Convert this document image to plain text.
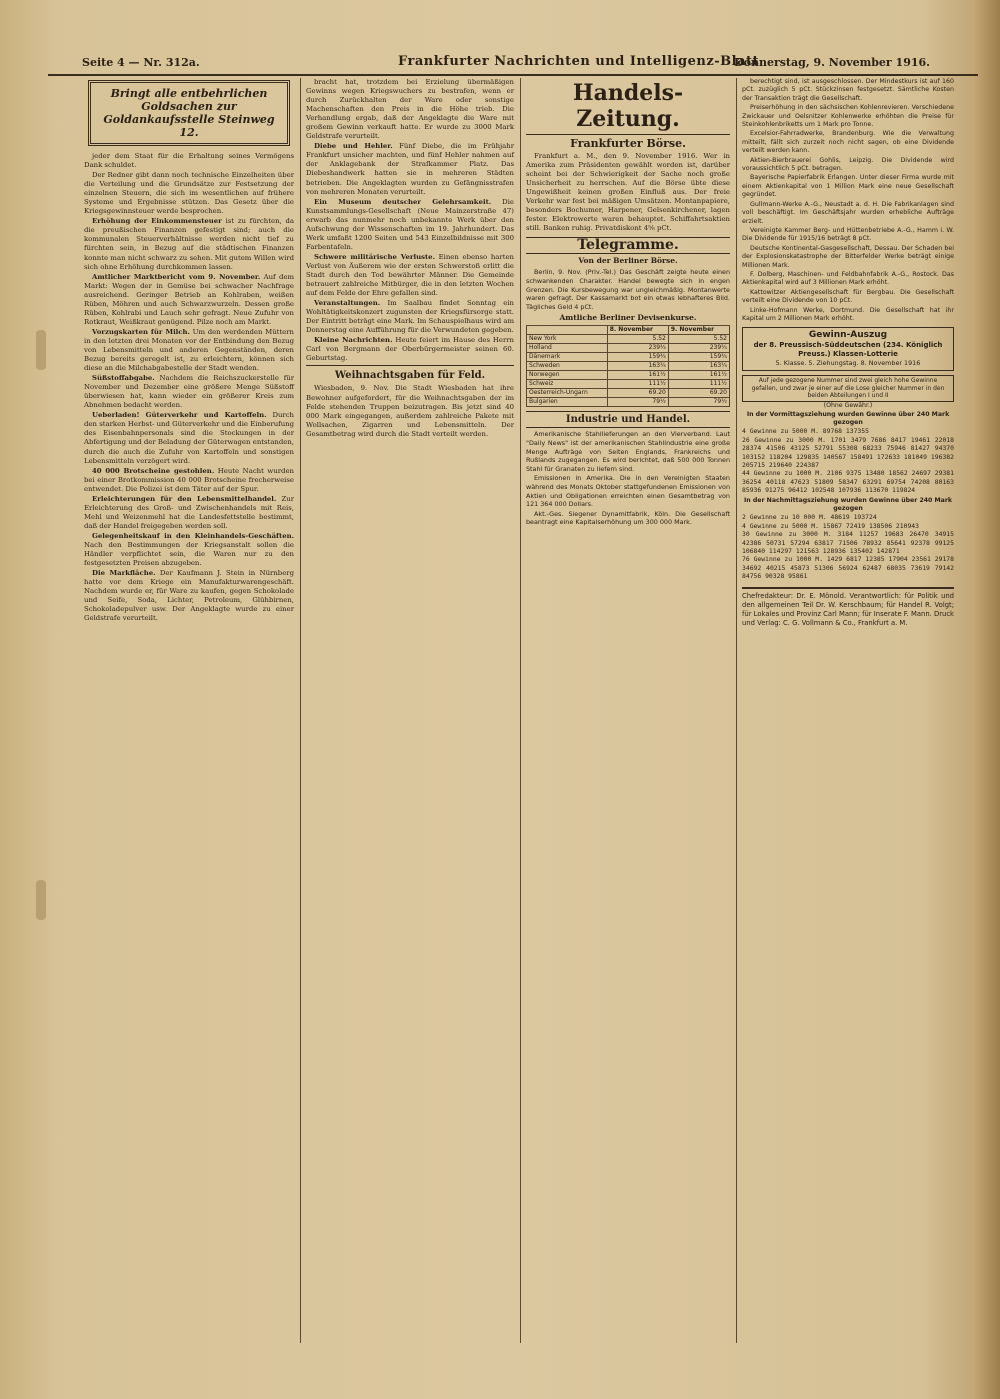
Seite 4 — Nr. 312a.	Frankfurter Nachrichten und Intelligenz-Blatt
Donnerstag, 9. November 1916.
Bringt alle entbehrlichen Goldsachen zur Goldankaufsstelle Steinweg 12.

jeder dem Staat für die Erhaltung seines Vermögens Dank schuldet.

Der Redner gibt dann noch technische Einzelheiten über die Verteilung und die Grundsätze zur Festsetzung der einzelnen Steuern, die sich im wesentlichen auf frühere Systeme und Ergebnisse stützen. Das Gesetz über die Kriegsgewinnsteuer werde besprochen.

Erhöhung der Einkommensteuer ist zu fürchten, da die preußischen Finanzen gefestigt sind; auch die kommunalen Steuerverhältnisse werden nicht tief zu fürchten sein, in Bezug auf die städtischen Finanzen konnte man nicht schwarz zu sehen. Mit gutem Willen wird sich ohne Erhöhung durchkommen lassen.

Amtlicher Marktbericht vom 9. November. Auf dem Markt: Wegen der in Gemüse bei schwacher Nachfrage ausreichend. Geringer Betrieb an Kohlraben, weißen Rüben, Möhren und auch Schwarzwurzeln. Dessen große Rüben, Kohlrabi und Lauch sehr gefragt. Neue Zufuhr von Rotkraut, Weißkraut genügend. Pilze noch am Markt.

Vorzugskarten für Milch. Um den werdenden Müttern in den letzten drei Monaten vor der Entbindung den Bezug von Lebensmitteln und anderen Gegenständen, deren Bezug bereits geregelt ist, zu erleichtern, können sich diese an die Milchabgabestelle der Stadt wenden.

Süßstoffabgabe. Nachdem die Reichszuckerstelle für November und Dezember eine größere Menge Süßstoff überwiesen hat, kann wieder ein größerer Kreis zum Abnehmen bedacht werden.

Ueberladen! Güterverkehr und Kartoffeln. Durch den starken Herbst- und Güterverkehr und die Einberufung des Eisenbahnpersonals sind die Stockungen in der Abfertigung und der Beladung der Güterwagen entstanden, durch die auch die Zufuhr von Kartoffeln und sonstigen Lebensmitteln verzögert wird.

40 000 Brotscheine gestohlen. Heute Nacht wurden bei einer Brotkommission 40 000 Brotscheine frecherweise entwendet. Die Polizei ist dem Täter auf der Spur.

Erleichterungen für den Lebensmittelhandel. Zur Erleichterung des Groß- und Zwischenhandels mit Reis, Mehl und Weizenmehl hat die Landesfettstelle bestimmt, daß der Handel freigegeben werden soll.

Gelegenheitskauf in den Kleinhandels-Geschäften. Nach den Bestimmungen der Kriegsanstalt sollen die Händler verpflichtet sein, die Waren nur zu den festgesetzten Preisen abzugeben.

Die Markfläche. Der Kaufmann J. Stein in Nürnberg hatte vor dem Kriege ein Manufakturwarengeschäft. Nachdem wurde er, für Ware zu kaufen, gegen Schokolade und Seife, Soda, Lichter, Petroleum, Glühbirnen, Schokoladepulver usw. Der Angeklagte wurde zu einer Geldstrafe verurteilt.

bracht hat, trotzdem bei Erzielung übermäßigen Gewinns wegen Kriegswuchers zu bestrafen, wenn er durch Zurückhalten der Ware oder sonstige Machenschaften den Preis in die Höhe trieb. Die Verhandlung ergab, daß der Angeklagte die Ware mit großem Gewinn verkauft hatte. Er wurde zu 3000 Mark Geldstrafe verurteilt.

Diebe und Hehler. Fünf Diebe, die im Frühjahr Frankfurt unsicher machten, und fünf Hehler nahmen auf der Anklagebank der Strafkammer Platz. Das Diebeshandwerk hatten sie in mehreren Städten betrieben. Die Angeklagten wurden zu Gefängnisstrafen von mehreren Monaten verurteilt.

Ein Museum deutscher Gelehrsamkeit. Die Kunstsammlungs-Gesellschaft (Neue Mainzerstraße 47) erwarb das nunmehr noch unbekannte Werk über den Aufschwung der Wissenschaften im 19. Jahrhundert. Das Werk umfaßt 1200 Seiten und 543 Einzelbildnisse mit 300 Farbentafeln.

Schwere militärische Verluste. Einen ebenso harten Verlust von Äußerem wie der ersten Schwerstoß erlitt die Stadt durch den Tod bewährter Männer. Die Gemeinde betrauert zahlreiche Mitbürger, die in den letzten Wochen auf dem Felde der Ehre gefallen sind.

Veranstaltungen. Im Saalbau findet Sonntag ein Wohltätigkeitskonzert zugunsten der Kriegsfürsorge statt. Der Eintritt beträgt eine Mark. Im Schauspielhaus wird am Donnerstag eine Aufführung für die Verwundeten gegeben.

Kleine Nachrichten. Heute feiert im Hause des Herrn Carl von Bergmann der Oberbürgermeister seinen 60. Geburtstag.

Weihnachtsgaben für Feld.

Wiesbaden, 9. Nov. Die Stadt Wiesbaden hat ihre Bewohner aufgefordert, für die Weihnachtsgaben der im Felde stehenden Truppen beizutragen. Bis jetzt sind 40 000 Mark eingegangen, außerdem zahlreiche Pakete mit Wollsachen, Zigarren und Lebensmitteln. Der Gesamtbetrag wird durch die Stadt verteilt werden.

Handels-Zeitung.
Frankfurter Börse.

Frankfurt a. M., den 9. November 1916. Wer in Amerika zum Präsidenten gewählt worden ist, darüber scheint bei der Schwierigkeit der Sache noch große Unsicherheit zu herrschen. Auf die Börse übte diese Ungewißheit keinen großen Einfluß aus. Der freie Verkehr war fest bei mäßigen Umsätzen. Montanpapiere, besonders Bochumer, Harpener, Gelsenkirchener, lagen fester. Elektrowerte waren behauptet. Schiffahrtsaktien still. Banken ruhig. Privatdiskont 4⅝ pCt.

Telegramme.
Von der Berliner Börse.

Berlin, 9. Nov. (Priv.-Tel.) Das Geschäft zeigte heute einen schwankenden Charakter. Handel bewegte sich in engen Grenzen. Die Kursbewegung war ungleichmäßig. Montanwerte waren gefragt. Der Kassamarkt bot ein etwas lebhafteres Bild. Tägliches Geld 4 pCt.

Amtliche Berliner Devisenkurse.
	8. November	9. November
New York	5.52	5.52
Holland	239¾	239¾
Dänemark	159¾	159¾
Schweden	163¼	163¼
Norwegen	161½	161½
Schweiz	111½	111½
Oesterreich-Ungarn	69.20	69.20
Bulgarien	79½	79½
Industrie und Handel.

Amerikanische Stahllieferungen an den Vierverband. Laut "Daily News" ist der amerikanischen Stahlindustrie eine große Menge Aufträge von Seiten Englands, Frankreichs und Rußlands zugegangen. Es wird berichtet, daß 500 000 Tonnen Stahl für Granaten zu liefern sind.

Emissionen in Amerika. Die in den Vereinigten Staaten während des Monats Oktober stattgefundenen Emissionen von Aktien und Obligationen erreichten einen Gesamtbetrag von 121 364 000 Dollars.

Akt.-Ges. Siegener Dynamitfabrik, Köln. Die Gesellschaft beantragt eine Kapitalserhöhung um 300 000 Mark.

berechtigt sind, ist ausgeschlossen. Der Mindestkurs ist auf 160 pCt. zuzüglich 5 pCt. Stückzinsen festgesetzt. Sämtliche Kosten der Transaktion trägt die Gesellschaft.

Preiserhöhung in den sächsischen Kohlenrevieren. Verschiedene Zwickauer und Oelsnitzer Kohlenwerke erhöhten die Preise für Steinkohlenbriketts um 1 Mark pro Tonne.

Excelsior-Fahrradwerke, Brandenburg. Wie die Verwaltung mitteilt, fällt sich zurzeit noch nicht sagen, ob eine Dividende verteilt werden kann.

Aktien-Bierbrauerei Gohlis, Leipzig. Die Dividende wird voraussichtlich 5 pCt. betragen.

Bayerische Papierfabrik Erlangen. Unter dieser Firma wurde mit einem Aktienkapital von 1 Million Mark eine neue Gesellschaft gegründet.

Gullmann-Werke A.-G., Neustadt a. d. H. Die Fabrikanlagen sind voll beschäftigt. Im Geschäftsjahr wurden erhebliche Aufträge erzielt.

Vereinigte Kammer Berg- und Hüttenbetriebe A.-G., Hamm i. W. Die Dividende für 1915/16 beträgt 8 pCt.

Deutsche Kontinental-Gasgesellschaft, Dessau. Der Schaden bei der Explosionskatastrophe der Bitterfelder Werke beträgt einige Millionen Mark.

F. Dolberg, Maschinen- und Feldbahnfabrik A.-G., Rostock. Das Aktienkapital wird auf 3 Millionen Mark erhöht.

Kattowitzer Aktiengesellschaft für Bergbau. Die Gesellschaft verteilt eine Dividende von 10 pCt.

Linke-Hofmann Werke, Dortmund. Die Gesellschaft hat ihr Kapital um 2 Millionen Mark erhöht.

Gewinn-Auszug
der 8. Preussisch-Süddeutschen (234. Königlich Preuss.) Klassen-Lotterie
5. Klasse. 5. Ziehungstag. 8. November 1916
Auf jede gezogene Nummer sind zwei gleich hohe Gewinne gefallen, und zwar je einer auf die Lose gleicher Nummer in den beiden Abteilungen I und II
(Ohne Gewähr.)
In der Vormittagsziehung wurden Gewinne über 240 Mark gezogen
4 Gewinne zu 5000 M. 89768 137355
26 Gewinne zu 3000 M. 1701 3479 7686 8417 19461 22018 28374 41506 43125 52791 55308 68233 75946 81427 94370 103152 118204 129835 140567 158491 172633 181049 196382 205715 219640 224387
44 Gewinne zu 1000 M. 2106 9375 13480 18562 24697 29381 36254 40118 47623 51809 58347 63291 69754 74208 80163 85936 91275 96412 102548 107936 113670 119824
In der Nachmittagsziehung wurden Gewinne über 240 Mark gezogen
2 Gewinne zu 10 000 M. 48619 193724
4 Gewinne zu 5000 M. 15867 72419 138506 210943
30 Gewinne zu 3000 M. 3184 11257 19683 26470 34915 42386 50731 57294 63817 71506 78932 85641 92378 99125 106840 114297 121563 128936 135402 142871
76 Gewinne zu 1000 M. 1429 6817 12385 17904 23561 29178 34692 40215 45873 51306 56924 62487 68035 73619 79142 84756 90328 95861
Chefredakteur: Dr. E. Mönold. Verantwortlich: für Politik und den allgemeinen Teil Dr. W. Kerschbaum; für Handel R. Volgt; für Lokales und Provinz Carl Mann; für Inserate F. Mann. Druck und Verlag: C. G. Vollmann & Co., Frankfurt a. M.
